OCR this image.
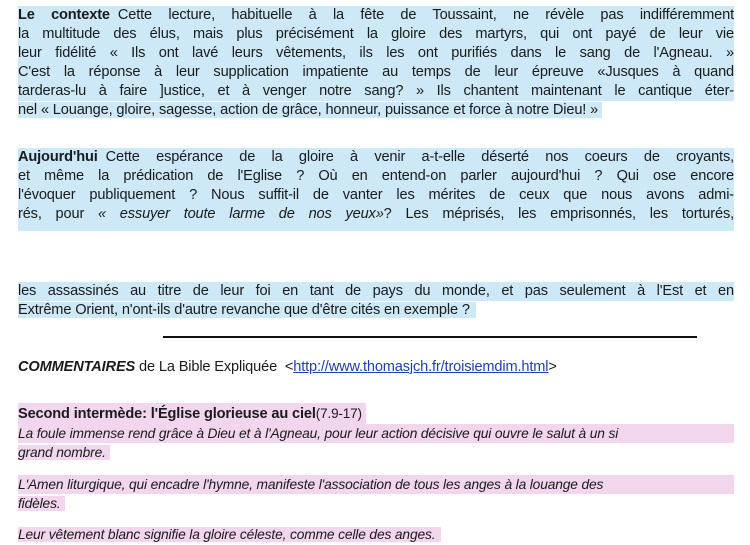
Le contexte Cette lecture, habituelle à la fête de Toussaint, ne révèle pas indifféremment
la multitude des élus, mais plus précisément la gloire des martyrs, qui ont payé de leur vie
leur fidélité « Ils ont lavé leurs vêtements, ils les ont purifiés dans le sang de l'Agneau. »
C'est la réponse à leur supplication impatiente au temps de leur épreuve «Jusques à quand
tarderas-lu à faire ]ustice, et à venger notre sang? » Ils chantent maintenant le cantique éter-
nel « Louange, gloire, sagesse, action de grâce, honneur, puissance et force à notre Dieu! »
Aujourd'hui Cette espérance de la gloire à venir a-t-elle déserté nos coeurs de croyants,
et même la prédication de l'Eglise ? Où en entend-on parler aujourd'hui ? Qui ose encore
l'évoquer publiquement ? Nous suffit-il de vanter les mérites de ceux que nous avons admi-
rés, pour « essuyer toute larme de nos yeux»? Les méprisés, les emprisonnés, les torturés,
les assassinés au titre de leur foi en tant de pays du monde, et pas seulement à l'Est et en
Extrême Orient, n'ont-ils d'autre revanche que d'être cités en exemple ?
COMMENTAIRES de La Bible Expliquée <http://www.thomasjch.fr/troisiemdim.html>
Second intermède: l'Église glorieuse au ciel(7.9-17)
La foule immense rend grâce à Dieu et à l'Agneau, pour leur action décisive qui ouvre le salut à un si
grand nombre.
L'Amen liturgique, qui encadre l'hymne, manifeste l'association de tous les anges à la louange des
fidèles.
Leur vêtement blanc signifie la gloire céleste, comme celle des anges.
